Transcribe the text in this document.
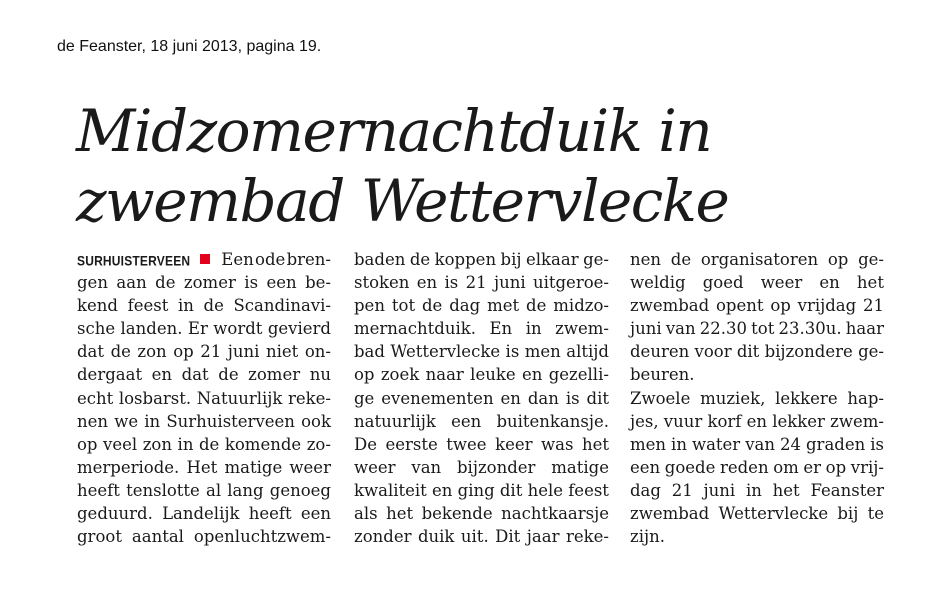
de Feanster, 18 juni 2013, pagina 19.
Midzomernachtduik in
zwembad Wettervlecke
SURHUISTERVEEN Een ode bren-
gen aan de zomer is een be-
kend feest in de Scandinavi-
sche landen. Er wordt gevierd
dat de zon op 21 juni niet on-
dergaat en dat de zomer nu
echt losbarst. Natuurlijk reke-
nen we in Surhuisterveen ook
op veel zon in de komende zo-
merperiode. Het matige weer
heeft tenslotte al lang genoeg
geduurd. Landelijk heeft een
groot aantal openluchtzwem-
baden de koppen bij elkaar ge-
stoken en is 21 juni uitgeroe-
pen tot de dag met de midzo-
mernachtduik. En in zwem-
bad Wettervlecke is men altijd
op zoek naar leuke en gezelli-
ge evenementen en dan is dit
natuurlijk een buitenkansje.
De eerste twee keer was het
weer van bijzonder matige
kwaliteit en ging dit hele feest
als het bekende nachtkaarsje
zonder duik uit. Dit jaar reke-
nen de organisatoren op ge-
weldig goed weer en het
zwembad opent op vrijdag 21
juni van 22.30 tot 23.30u. haar
deuren voor dit bijzondere ge-
beuren.
Zwoele muziek, lekkere hap-
jes, vuur korf en lekker zwem-
men in water van 24 graden is
een goede reden om er op vrij-
dag 21 juni in het Feanster
zwembad Wettervlecke bij te
zijn.
